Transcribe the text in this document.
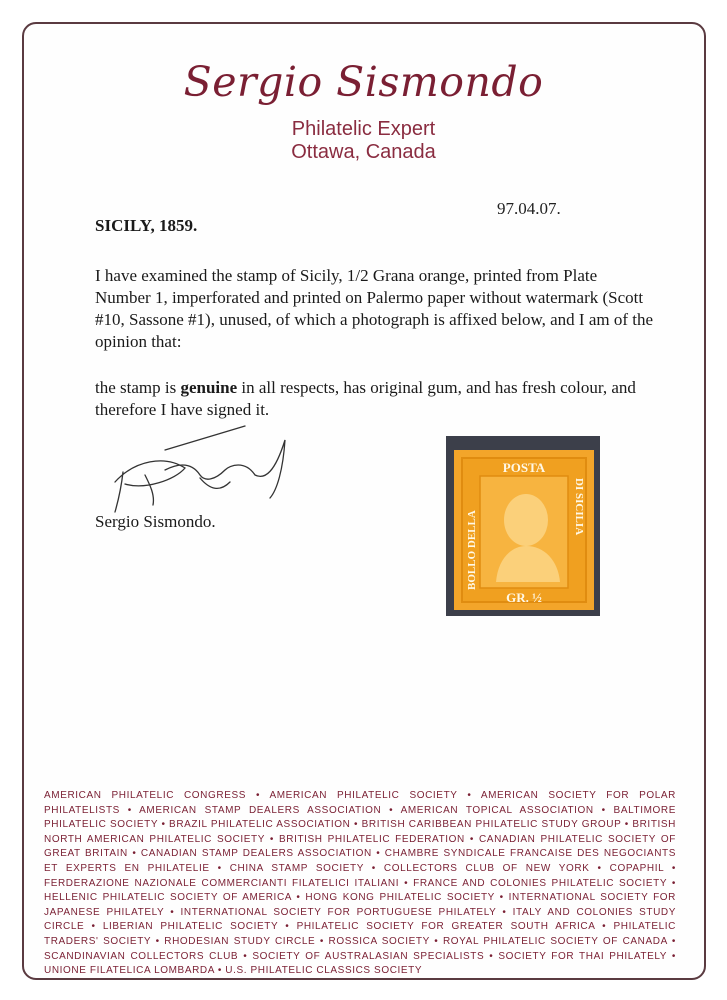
Sergio Sismondo
Philatelic Expert
Ottawa, Canada
97.04.07.
SICILY, 1859.
I have examined the stamp of Sicily, 1/2 Grana orange, printed from Plate Number 1, imperforated and printed on Palermo paper without watermark (Scott #10, Sassone #1), unused, of which a photograph is affixed below, and I am of the opinion that:
the stamp is genuine in all respects, has original gum, and has fresh colour, and therefore I have signed it.
Sergio Sismondo.
POSTA
GR. ½
BOLLO DELLA
DI SICILIA
AMERICAN PHILATELIC CONGRESS • AMERICAN PHILATELIC SOCIETY • AMERICAN SOCIETY FOR POLAR PHILATELISTS • AMERICAN STAMP DEALERS ASSOCIATION • AMERICAN TOPICAL ASSOCIATION • BALTIMORE PHILATELIC SOCIETY • BRAZIL PHILATELIC ASSOCIATION • BRITISH CARIBBEAN PHILATELIC STUDY GROUP • BRITISH NORTH AMERICAN PHILATELIC SOCIETY • BRITISH PHILATELIC FEDERATION • CANADIAN PHILATELIC SOCIETY OF GREAT BRITAIN • CANADIAN STAMP DEALERS ASSOCIATION • CHAMBRE SYNDICALE FRANCAISE DES NEGOCIANTS ET EXPERTS EN PHILATELIE • CHINA STAMP SOCIETY • COLLECTORS CLUB OF NEW YORK • COPAPHIL • FERDERAZIONE NAZIONALE COMMERCIANTI FILATELICI ITALIANI • FRANCE AND COLONIES PHILATELIC SOCIETY • HELLENIC PHILATELIC SOCIETY OF AMERICA • HONG KONG PHILATELIC SOCIETY • INTERNATIONAL SOCIETY FOR JAPANESE PHILATELY • INTERNATIONAL SOCIETY FOR PORTUGUESE PHILATELY • ITALY AND COLONIES STUDY CIRCLE • LIBERIAN PHILATELIC SOCIETY • PHILATELIC SOCIETY FOR GREATER SOUTH AFRICA • PHILATELIC TRADERS' SOCIETY • RHODESIAN STUDY CIRCLE • ROSSICA SOCIETY • ROYAL PHILATELIC SOCIETY OF CANADA • SCANDINAVIAN COLLECTORS CLUB • SOCIETY OF AUSTRALASIAN SPECIALISTS • SOCIETY FOR THAI PHILATELY • UNIONE FILATELICA LOMBARDA • U.S. PHILATELIC CLASSICS SOCIETY
